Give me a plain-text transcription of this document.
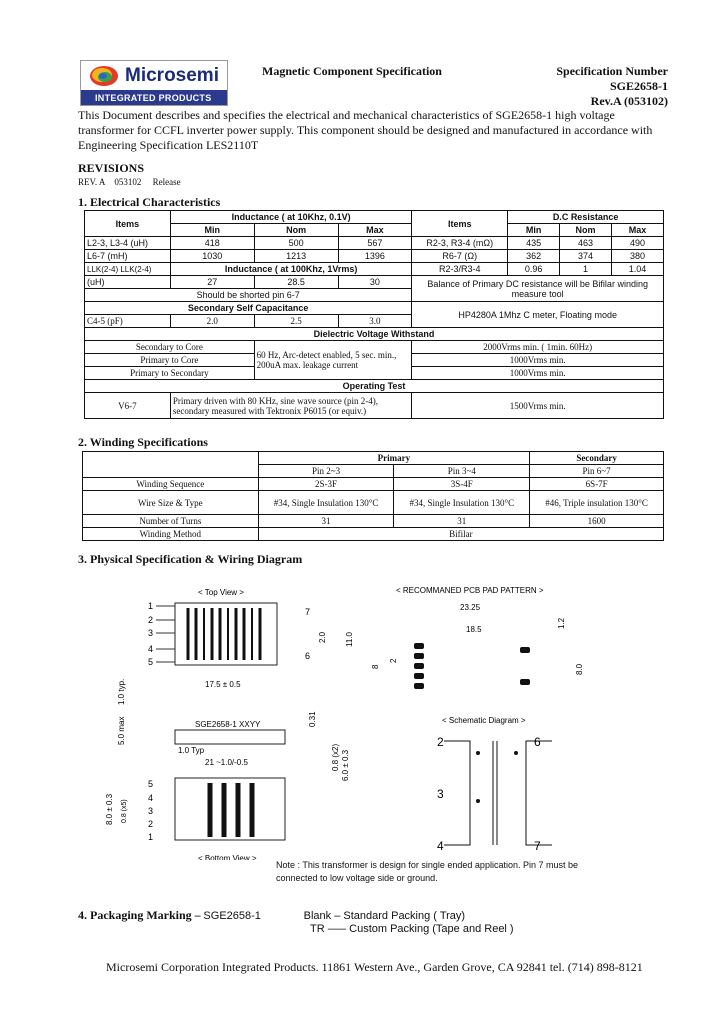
Microsemi
INTEGRATED PRODUCTS
Magnetic Component Specification	Specification Number
SGE2658-1
Rev.A (053102)
This Document describes and specifies the electrical and mechanical characteristics of SGE2658-1 high voltage transformer for CCFL inverter power supply. This component should be designed and manufactured in accordance with Engineering Specification LES2110T
REVISIONS
REV. A 053102 Release
1. Electrical Characteristics
Items	Inductance ( at 10Khz, 0.1V)			Items	D.C Resistance		
	Min	Nom	Max		Min	Nom	Max
L2-3, L3-4 (uH)	418	500	567	R2-3, R3-4 (mΩ)	435	463	490
L6-7 (mH)	1030	1213	1396	R6-7 (Ω)	362	374	380
LLK(2-4) LLK(2-4)	Inductance ( at 100Khz, 1Vrms)			R2-3/R3-4	0.96	1	1.04
(uH)	27	28.5	30	Balance of Primary DC resistance will be Bifilar winding measure tool			
Should be shorted pin 6-7							
Secondary Self Capacitance				HP4280A 1Mhz C meter, Floating mode			
C4-5 (pF)	2.0	2.5	3.0				
Dielectric Voltage Withstand							
Secondary to Core		60 Hz, Arc-detect enabled, 5 sec. min., 200uA max. leakage current		2000Vrms min. ( 1min. 60Hz)			
Primary to Core				1000Vrms min.			
Primary to Secondary				1000Vrms min.			
Operating Test							
V6-7	Primary driven with 80 KHz, sine wave source (pin 2-4), secondary measured with Tektronix P6015 (or equiv.)			1500Vrms min.			
2. Winding Specifications
	Primary		Secondary
	Pin 2~3	Pin 3~4	Pin 6~7
Winding Sequence	2S-3F	3S-4F	6S-7F
Wire Size & Type	#34, Single Insulation 130°C	#34, Single Insulation 130°C	#46, Triple insulation 130°C
Number of Turns	31	31	1600
Winding Method	Bifilar		
3. Physical Specification & Wiring Diagram
< Top View >
1
2
3
4
5
7
6
2.0 11.0
17.5 ± 0.5
1.0 typ.
5.0 max	SGE2658-1 XXYY	0.31
1.0 Typ
21 ~1.0/-0.5	0.8 (x2) 6.0 ± 0.3
5
4
3
2
1
8.0 ± 0.3 0.8 (x5)
< Bottom View >
< RECOMMANED PCB PAD PATTERN >
23.25
18.5
1.2
8.0
8
2
< Schematic Diagram >
2
3
4
6
7
Note : This transformer is design for single ended application. Pin 7 must be connected to low voltage side or ground.
4. Packaging Marking – SGE2658-1	Blank – Standard Packing ( Tray)
TR ––– Custom Packing (Tape and Reel )
Microsemi Corporation Integrated Products. 11861 Western Ave., Garden Grove, CA 92841 tel. (714) 898-8121
